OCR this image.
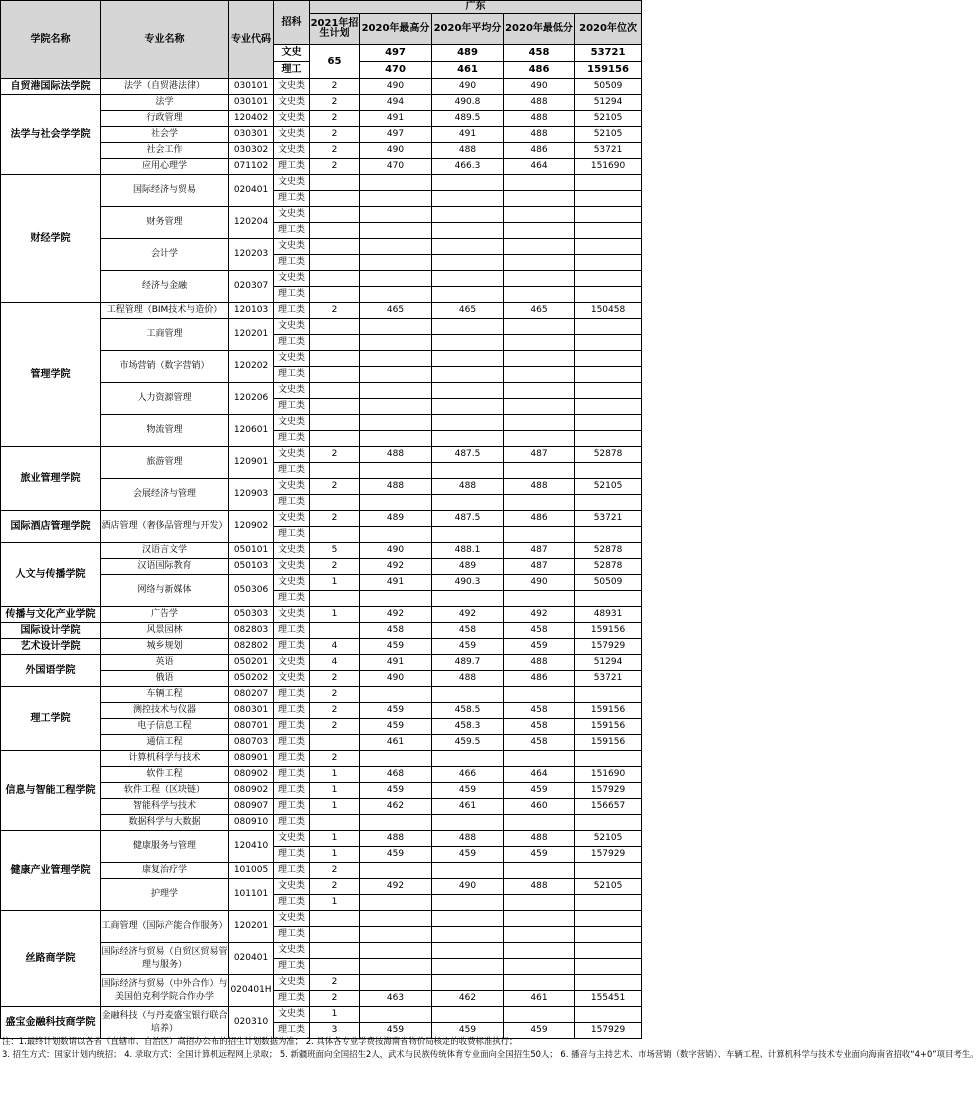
学院名称	专业名称	专业代码	招科	广东				
				2021年招生计划	2020年最高分	2020年平均分	2020年最低分	2020年位次
			文史	65	497	489	458	53721
			理工		470	461	486	159156
自贸港国际法学院	法学（自贸港法律）	030101	文史类	2	490	490	490	50509
法学与社会学学院	法学	030101	文史类	2	494	490.8	488	51294
	行政管理	120402	文史类	2	491	489.5	488	52105
	社会学	030301	文史类	2	497	491	488	52105
	社会工作	030302	文史类	2	490	488	486	53721
	应用心理学	071102	理工类	2	470	466.3	464	151690
财经学院	国际经济与贸易	020401	文史类					
			理工类					
	财务管理	120204	文史类					
			理工类					
	会计学	120203	文史类					
			理工类					
	经济与金融	020307	文史类					
			理工类					
管理学院	工程管理（BIM技术与造价）	120103	理工类	2	465	465	465	150458
	工商管理	120201	文史类					
			理工类					
	市场营销（数字营销）	120202	文史类					
			理工类					
	人力资源管理	120206	文史类					
			理工类					
	物流管理	120601	文史类					
			理工类					
旅业管理学院	旅游管理	120901	文史类	2	488	487.5	487	52878
			理工类					
	会展经济与管理	120903	文史类	2	488	488	488	52105
			理工类					
国际酒店管理学院	酒店管理（奢侈品管理与开发）	120902	文史类	2	489	487.5	486	53721
			理工类					
人文与传播学院	汉语言文学	050101	文史类	5	490	488.1	487	52878
	汉语国际教育	050103	文史类	2	492	489	487	52878
	网络与新媒体	050306	文史类	1	491	490.3	490	50509
			理工类					
传播与文化产业学院	广告学	050303	文史类	1	492	492	492	48931
国际设计学院	风景园林	082803	理工类		458	458	458	159156
艺术设计学院	城乡规划	082802	理工类	4	459	459	459	157929
外国语学院	英语	050201	文史类	4	491	489.7	488	51294
	俄语	050202	文史类	2	490	488	486	53721
理工学院	车辆工程	080207	理工类	2				
	测控技术与仪器	080301	理工类	2	459	458.5	458	159156
	电子信息工程	080701	理工类	2	459	458.3	458	159156
	通信工程	080703	理工类		461	459.5	458	159156
信息与智能工程学院	计算机科学与技术	080901	理工类	2				
	软件工程	080902	理工类	1	468	466	464	151690
	软件工程（区块链）	080902	理工类	1	459	459	459	157929
	智能科学与技术	080907	理工类	1	462	461	460	156657
	数据科学与大数据	080910	理工类					
健康产业管理学院	健康服务与管理	120410	文史类	1	488	488	488	52105
			理工类	1	459	459	459	157929
	康复治疗学	101005	理工类	2				
	护理学	101101	文史类	2	492	490	488	52105
			理工类	1				
丝路商学院	工商管理（国际产能合作服务）	120201	文史类					
			理工类					
	国际经济与贸易（自贸区贸易管理与服务）	020401	文史类					
			理工类					
	国际经济与贸易（中外合作）与美国伯克利学院合作办学	020401H	文史类	2				
			理工类	2	463	462	461	155451
盛宝金融科技商学院	金融科技（与丹麦盛宝银行联合培养）	020310	文史类	1				
			理工类	3	459	459	459	157929
注：1.最终计划数请以各省（直辖市、自治区）高招办公布的招生计划数据为准； 2. 具体各专业学费按海南省物价局核定的收费标准执行；
3. 招生方式：国家计划内统招； 4. 录取方式：全国计算机远程网上录取； 5. 新疆班面向全国招生2人，武术与民族传统体育专业面向全国招生50人； 6. 播音与主持艺术、市场营销（数字营销）、车辆工程、计算机科学与技术专业面向海南省招收“4+0”项目考生。
